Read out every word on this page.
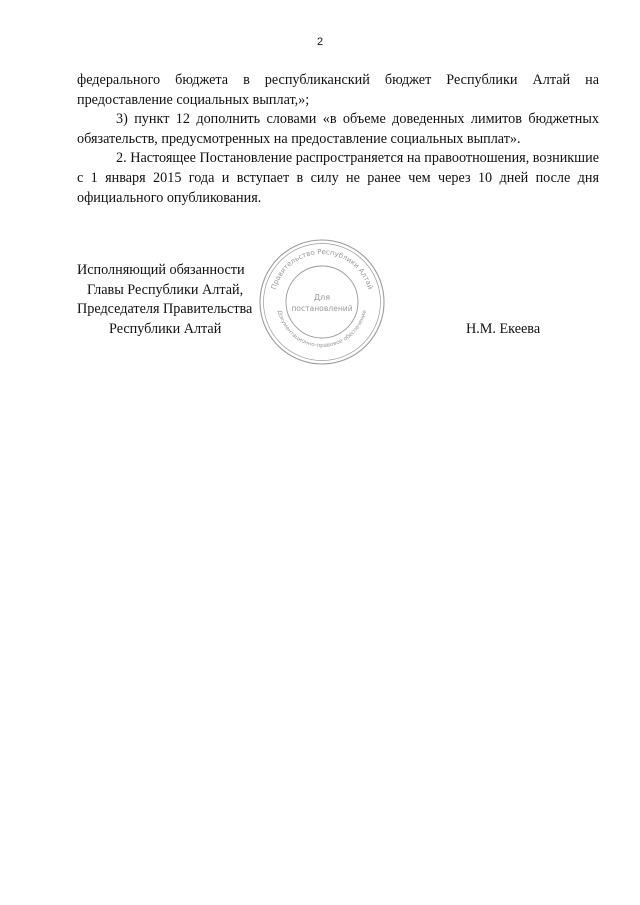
2

федерального бюджета в республиканский бюджет Республики Алтай на предоставление социальных выплат,»;

3) пункт 12 дополнить словами «в объеме доведенных лимитов бюджетных обязательств, предусмотренных на предоставление социальных выплат».

2. Настоящее Постановление распространяется на правоотношения, возникшие с 1 января 2015 года и вступает в силу не ранее чем через 10 дней после дня официального опубликования.

Исполняющий обязанности
Главы Республики Алтай,
Председателя Правительства
Республики Алтай	Н.М. Екеева
Правительство Республики Алтай
Документационно-правовое обеспечение
Для
постановлений
